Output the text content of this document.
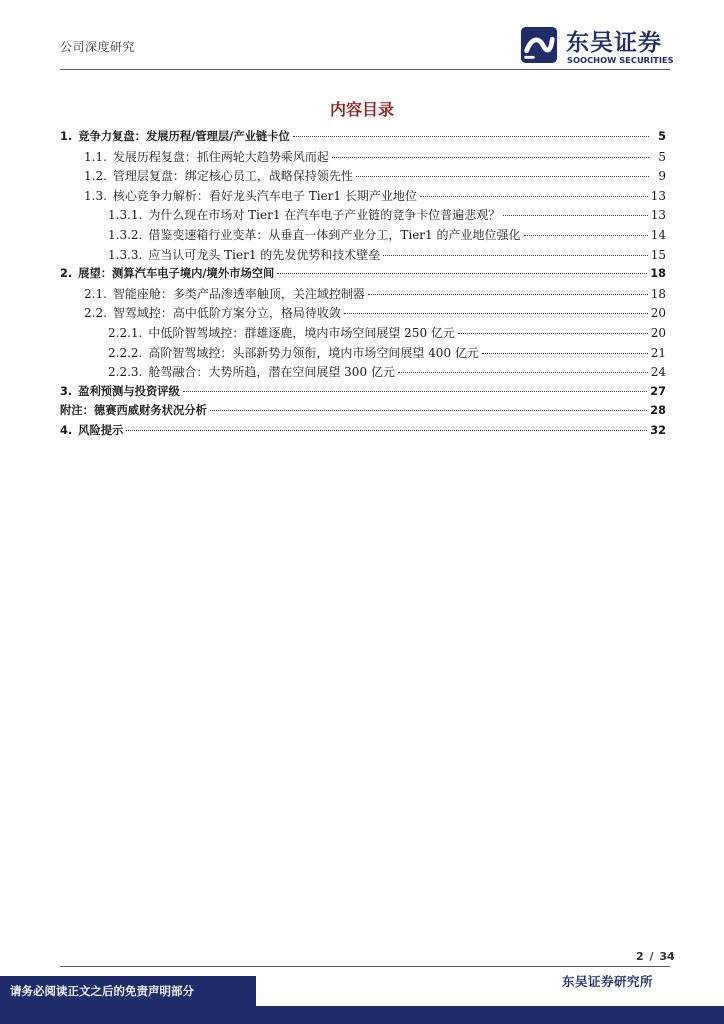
公司深度研究	东吴证券
SOOCHOW SECURITIES
内容目录
1. 竞争力复盘：发展历程/管理层/产业链卡位	5
1.1. 发展历程复盘：抓住两轮大趋势乘风而起	5
1.2. 管理层复盘：绑定核心员工，战略保持领先性	9
1.3. 核心竞争力解析：看好龙头汽车电子 Tier1 长期产业地位	13
1.3.1. 为什么现在市场对 Tier1 在汽车电子产业链的竞争卡位普遍悲观？	13
1.3.2. 借鉴变速箱行业变革：从垂直一体到产业分工，Tier1 的产业地位强化	14
1.3.3. 应当认可龙头 Tier1 的先发优势和技术壁垒	15
2. 展望：测算汽车电子境内/境外市场空间	18
2.1. 智能座舱：多类产品渗透率触顶，关注域控制器	18
2.2. 智驾域控：高中低阶方案分立，格局待收敛	20
2.2.1. 中低阶智驾域控：群雄逐鹿，境内市场空间展望 250 亿元	20
2.2.2. 高阶智驾域控：头部新势力领衔，境内市场空间展望 400 亿元	21
2.2.3. 舱驾融合：大势所趋，潜在空间展望 300 亿元	24
3. 盈利预测与投资评级	27
附注：德赛西威财务状况分析	28
4. 风险提示	32
2 / 34
东吴证券研究所
请务必阅读正文之后的免责声明部分
